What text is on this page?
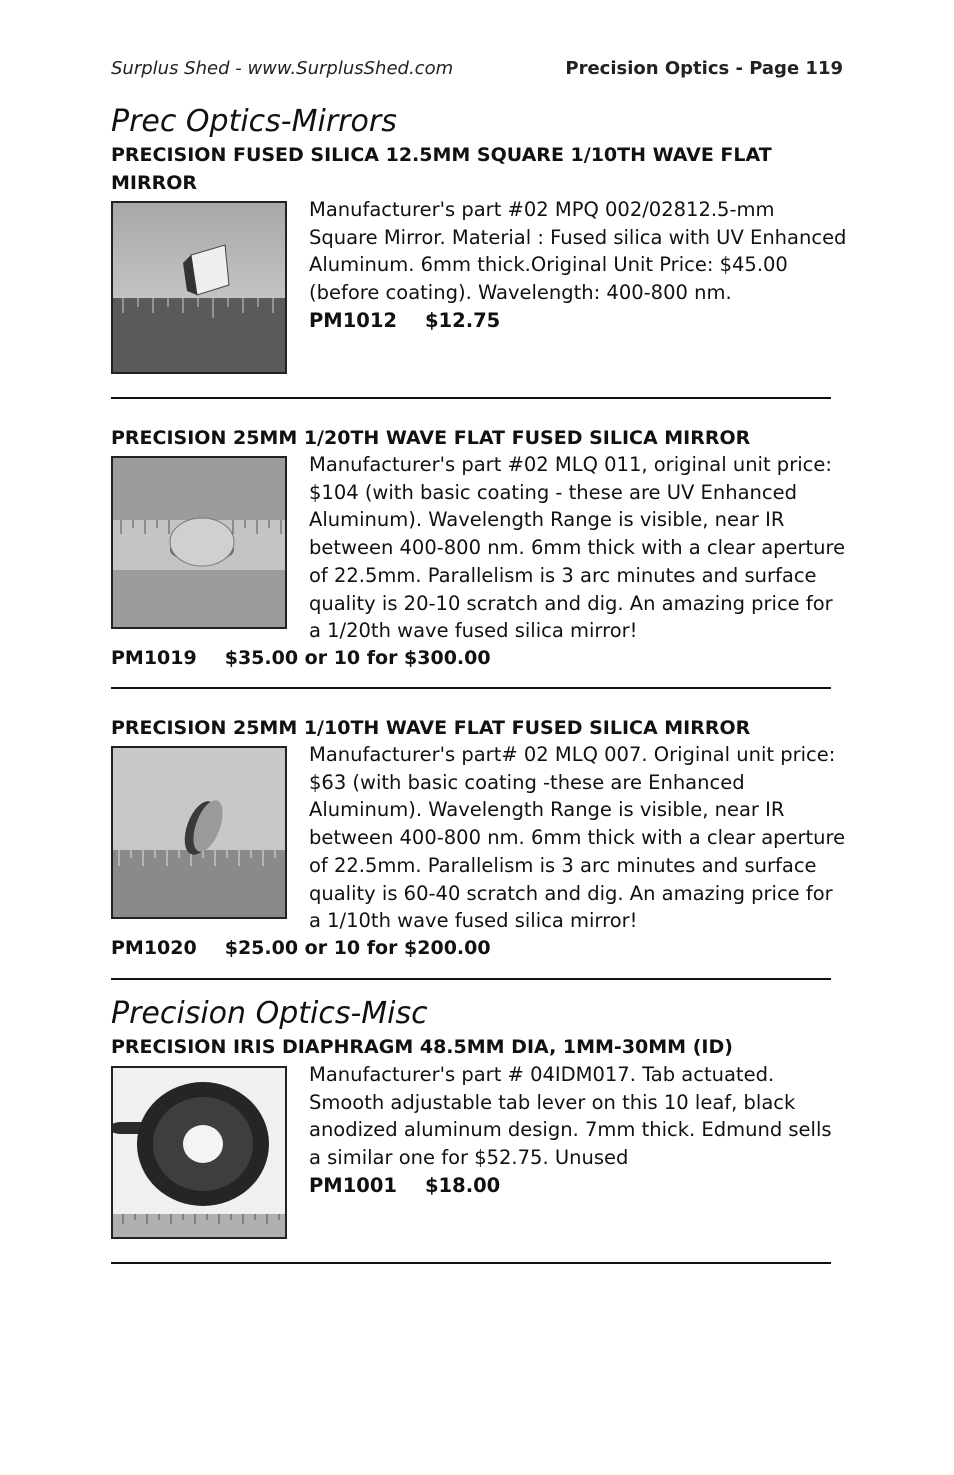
Surplus Shed - www.SurplusShed.com	Precision Optics - Page 119
Prec Optics-Mirrors
PRECISION FUSED SILICA 12.5MM SQUARE 1/10TH WAVE FLAT MIRROR
Manufacturer's part #02 MPQ 002/02812.5-mm Square Mirror. Material : Fused silica with UV Enhanced Aluminum. 6mm thick.Original Unit Price: $45.00 (before coating). Wavelength: 400-800 nm.
PM1012 $12.75
PRECISION 25MM 1/20TH WAVE FLAT FUSED SILICA MIRROR
Manufacturer's part #02 MLQ 011, original unit price: $104 (with basic coating - these are UV Enhanced Aluminum). Wavelength Range is visible, near IR between 400-800 nm. 6mm thick with a clear aperture of 22.5mm. Parallelism is 3 arc minutes and surface quality is 20-10 scratch and dig. An amazing price for a 1/20th wave fused silica mirror!
PM1019 $35.00 or 10 for $300.00
PRECISION 25MM 1/10TH WAVE FLAT FUSED SILICA MIRROR
Manufacturer's part# 02 MLQ 007. Original unit price: $63 (with basic coating -these are Enhanced Aluminum). Wavelength Range is visible, near IR between 400-800 nm. 6mm thick with a clear aperture of 22.5mm. Parallelism is 3 arc minutes and surface quality is 60-40 scratch and dig. An amazing price for a 1/10th wave fused silica mirror!
PM1020 $25.00 or 10 for $200.00
Precision Optics-Misc
PRECISION IRIS DIAPHRAGM 48.5MM DIA, 1MM-30MM (ID)
Manufacturer's part # 04IDM017. Tab actuated. Smooth adjustable tab lever on this 10 leaf, black anodized aluminum design. 7mm thick. Edmund sells a similar one for $52.75. Unused
PM1001 $18.00
